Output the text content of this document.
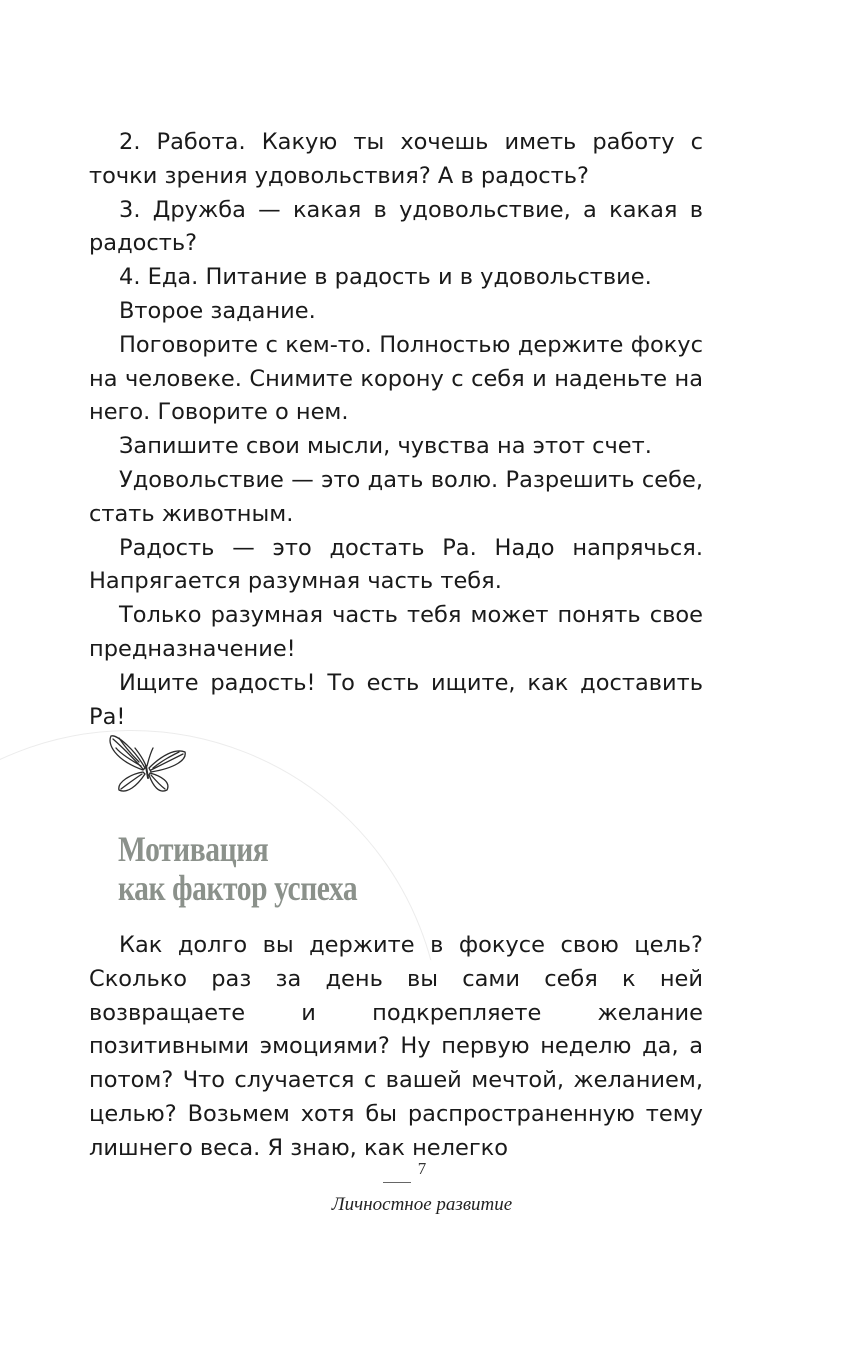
2. Работа. Какую ты хочешь иметь работу с точки зрения удовольствия? А в радость?

3. Дружба — какая в удовольствие, а какая в радость?

4. Еда. Питание в радость и в удовольствие.

Второе задание.

Поговорите с кем-то. Полностью держите фокус на человеке. Снимите корону с себя и наденьте на него. Говорите о нем.

Запишите свои мысли, чувства на этот счет.

Удовольствие — это дать волю. Разрешить себе, стать животным.

Радость — это достать Ра. Надо напрячься. Напрягается разумная часть тебя.

Только разумная часть тебя может понять свое предназначение!

Ищите радость! То есть ищите, как доставить Ра!

Мотивация
как фактор успеха

Как долго вы держите в фокусе свою цель? Сколько раз за день вы сами себя к ней возвращаете и подкрепляете желание позитивными эмоциями? Ну первую неделю да, а потом? Что случается с вашей мечтой, желанием, целью? Возьмем хотя бы распространенную тему лишнего веса. Я знаю, как нелегко

7
Личностное развитие
